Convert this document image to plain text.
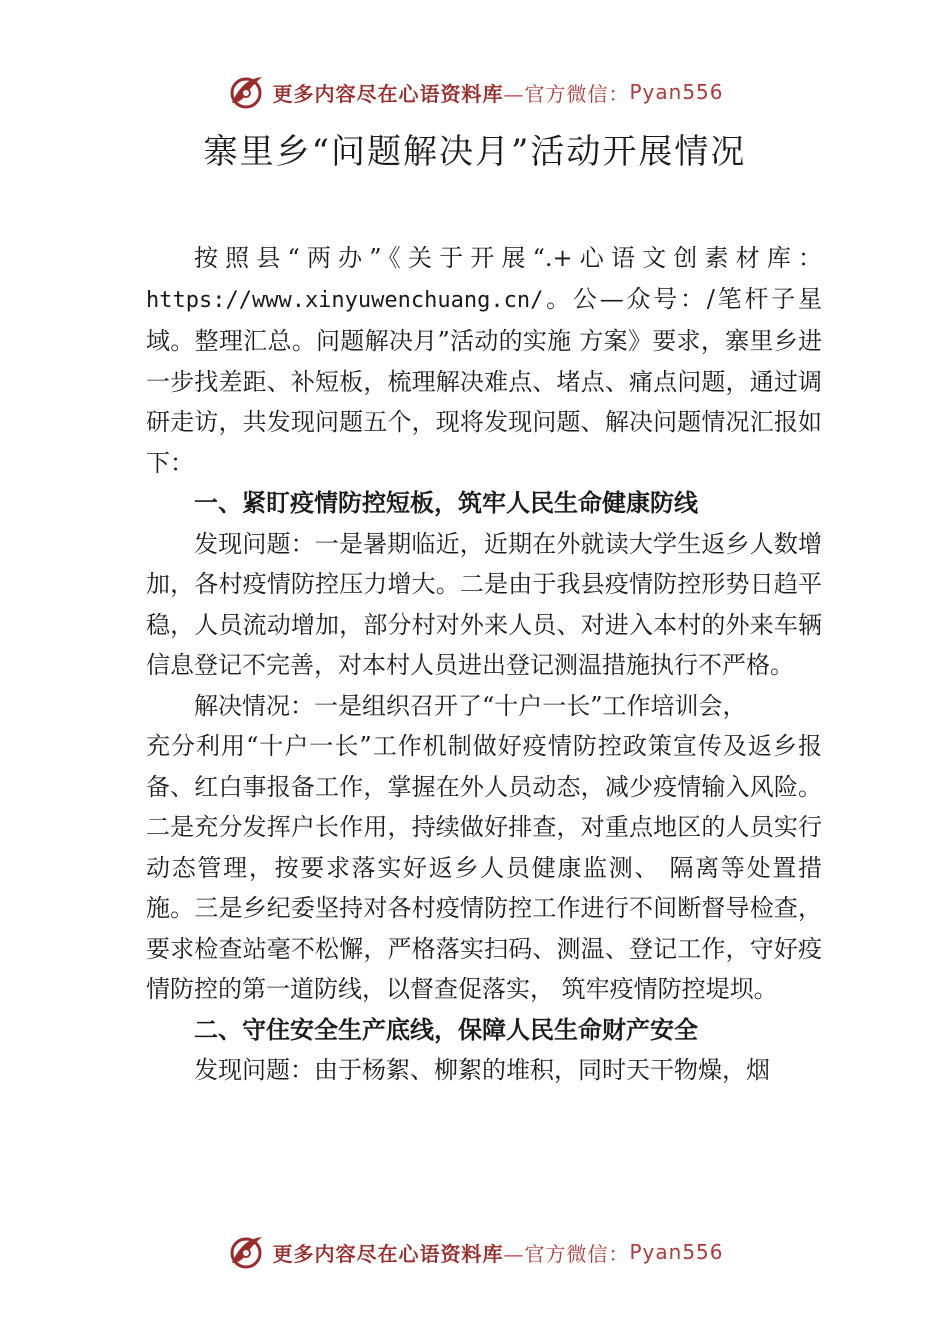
更多内容尽在心语资料库 —官方微信： Pyan556
寨里乡“问题解决月”活动开展情况

按照县“两办”《关于开展“.+心语文创素材库：https://www.xinyuwenchuang.cn/。公—众号：/笔杆子星域。整理汇总。问题解决月”活动的实施 方案》要求，寨里乡进一步找差距、补短板，梳理解决难点、堵点、痛点问题，通过调研走访，共发现问题五个，现将发现问题、解决问题情况汇报如下：

一、紧盯疫情防控短板，筑牢人民生命健康防线

发现问题：一是暑期临近，近期在外就读大学生返乡人数增加，各村疫情防控压力增大。二是由于我县疫情防控形势日趋平稳，人员流动增加，部分村对外来人员、对进入本村的外来车辆信息登记不完善，对本村人员进出登记测温措施执行不严格。

解决情况：一是组织召开了“十户一长”工作培训会，

充分利用“十户一长”工作机制做好疫情防控政策宣传及返乡报备、红白事报备工作，掌握在外人员动态，减少疫情输入风险。二是充分发挥户长作用，持续做好排查，对重点地区的人员实行动态管理，按要求落实好返乡人员健康监测、 隔离等处置措施。三是乡纪委坚持对各村疫情防控工作进行不间断督导检查，要求检查站毫不松懈，严格落实扫码、测温、登记工作，守好疫情防控的第一道防线，以督查促落实， 筑牢疫情防控堤坝。

二、守住安全生产底线，保障人民生命财产安全

发现问题：由于杨絮、柳絮的堆积，同时天干物燥，烟

更多内容尽在心语资料库 —官方微信： Pyan556
